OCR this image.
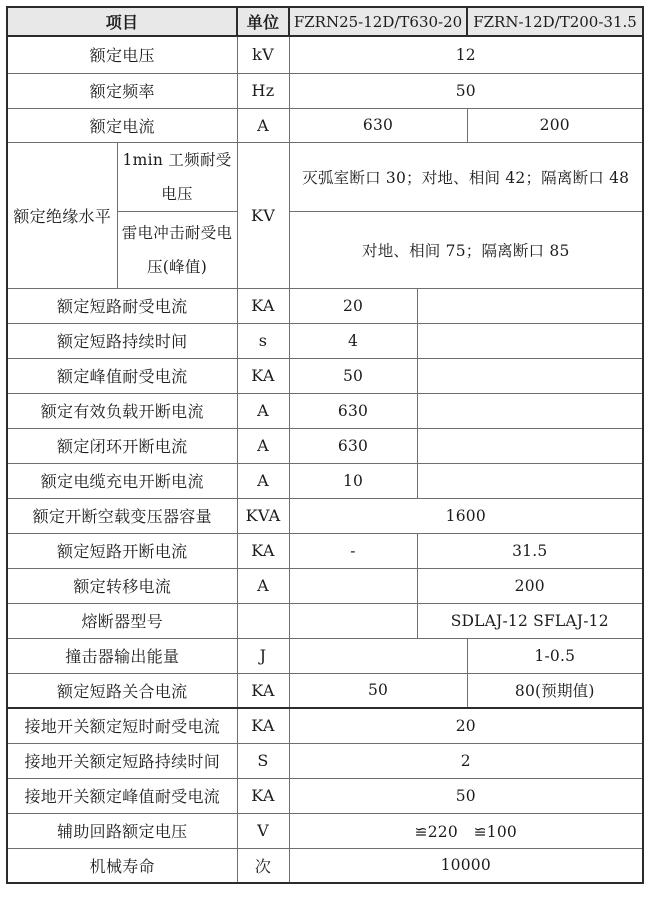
项目		单位	FZRN25-12D/T630-20		FZRN-12D/T200-31.5
额定电压		kV	12		
额定频率		Hz	50		
额定电流		A	630		200
额定绝缘水平	1min 工频耐受电压	KV	灭弧室断口 30；对地、相间 42；隔离断口 48		
	雷电冲击耐受电压(峰值)		对地、相间 75；隔离断口 85		
额定短路耐受电流		KA	20		
额定短路持续时间		s	4		
额定峰值耐受电流		KA	50		
额定有效负载开断电流		A	630		
额定闭环开断电流		A	630		
额定电缆充电开断电流		A	10		
额定开断空载变压器容量		KVA	1600		
额定短路开断电流		KA	-	31.5	
额定转移电流		A		200	
熔断器型号				SDLAJ-12 SFLAJ-12	
撞击器输出能量		J			1-0.5
额定短路关合电流		KA	50		80(预期值)
接地开关额定短时耐受电流		KA	20		
接地开关额定短路持续时间		S	2		
接地开关额定峰值耐受电流		KA	50		
辅助回路额定电压		V	≌220　≌100		
机械寿命		次	10000		
